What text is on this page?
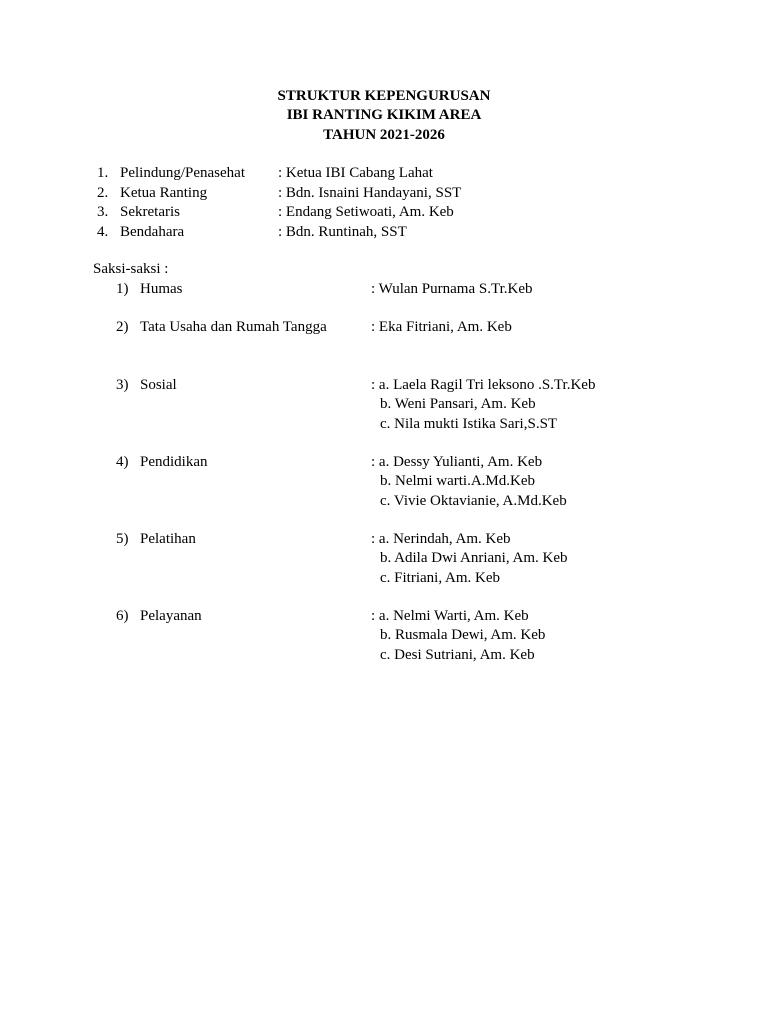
STRUKTUR KEPENGURUSAN
IBI RANTING KIKIM AREA
TAHUN 2021-2026
1. Pelindung/Penasehat : Ketua IBI Cabang Lahat
2. Ketua Ranting	: Bdn. Isnaini Handayani, SST
3. Sekretaris	: Endang Setiwoati, Am. Keb
4. Bendahara	: Bdn. Runtinah, SST
Saksi-saksi :
1) Humas	: Wulan Purnama S.Tr.Keb
2) Tata Usaha dan Rumah Tangga	: Eka Fitriani, Am. Keb
3) Sosial	: a. Laela Ragil Tri leksono .S.Tr.Keb
b. Weni Pansari, Am. Keb
c. Nila mukti Istika Sari,S.ST
4) Pendidikan	: a. Dessy Yulianti, Am. Keb
b. Nelmi warti.A.Md.Keb
c. Vivie Oktavianie, A.Md.Keb
5) Pelatihan	: a. Nerindah, Am. Keb
b. Adila Dwi Anriani, Am. Keb
c. Fitriani, Am. Keb
6) Pelayanan	: a. Nelmi Warti, Am. Keb
b. Rusmala Dewi, Am. Keb
c. Desi Sutriani, Am. Keb
